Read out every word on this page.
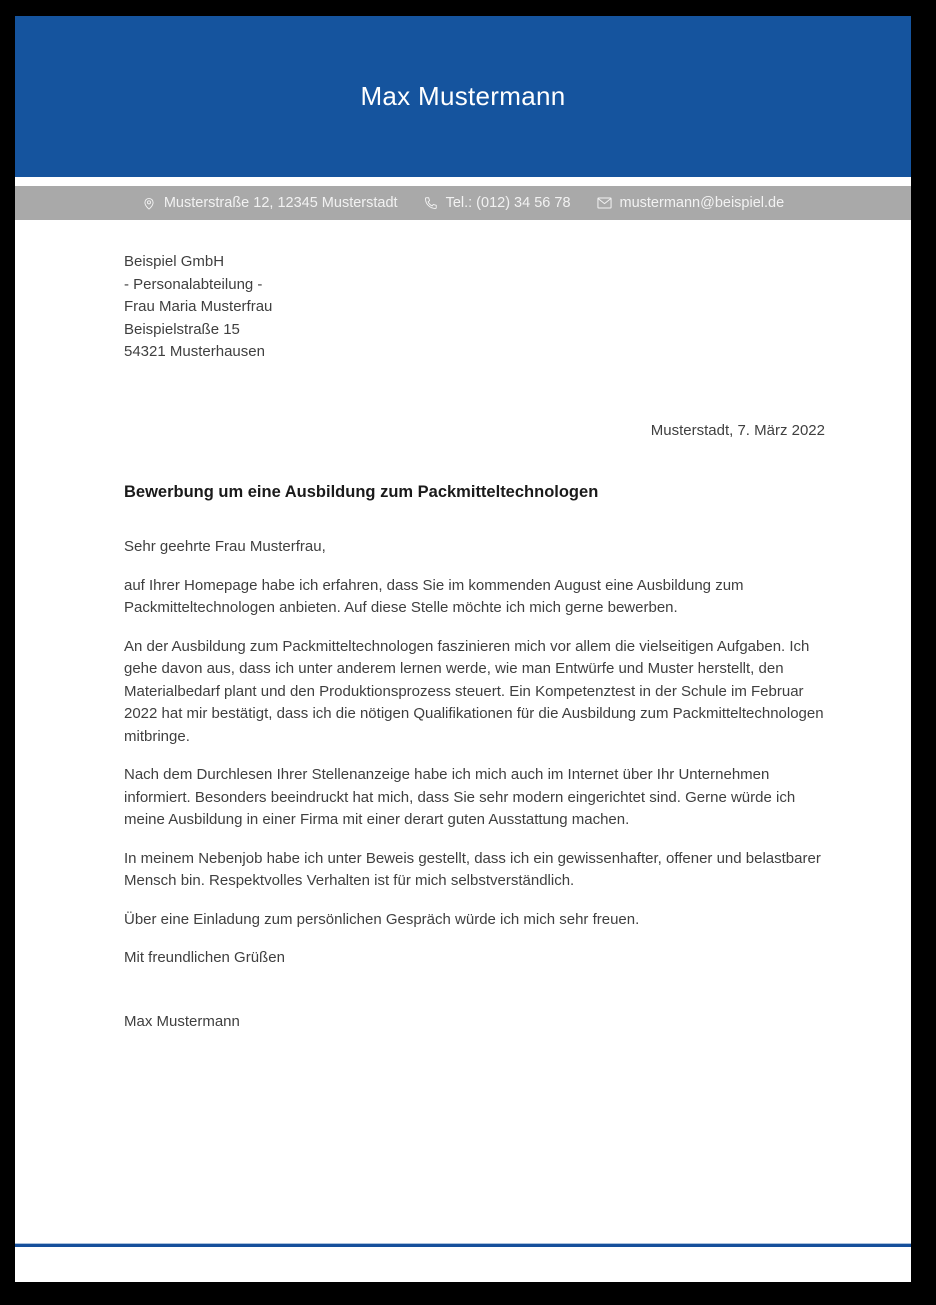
Max Mustermann
Musterstraße 12, 12345 Musterstadt	Tel.: (012) 34 56 78	mustermann@beispiel.de
Beispiel GmbH
- Personalabteilung -
Frau Maria Musterfrau
Beispielstraße 15
54321 Musterhausen
Musterstadt, 7. März 2022
Bewerbung um eine Ausbildung zum Packmitteltechnologen
Sehr geehrte Frau Musterfrau,

auf Ihrer Homepage habe ich erfahren, dass Sie im kommenden August eine Ausbildung zum Packmitteltechnologen anbieten. Auf diese Stelle möchte ich mich gerne bewerben.

An der Ausbildung zum Packmitteltechnologen faszinieren mich vor allem die vielseitigen Aufgaben. Ich gehe davon aus, dass ich unter anderem lernen werde, wie man Entwürfe und Muster herstellt, den Materialbedarf plant und den Produktionsprozess steuert. Ein Kompetenztest in der Schule im Februar 2022 hat mir bestätigt, dass ich die nötigen Qualifikationen für die Ausbildung zum Packmitteltechnologen mitbringe.

Nach dem Durchlesen Ihrer Stellenanzeige habe ich mich auch im Internet über Ihr Unternehmen informiert. Besonders beeindruckt hat mich, dass Sie sehr modern eingerichtet sind. Gerne würde ich meine Ausbildung in einer Firma mit einer derart guten Ausstattung machen.

In meinem Nebenjob habe ich unter Beweis gestellt, dass ich ein gewissenhafter, offener und belastbarer Mensch bin. Respektvolles Verhalten ist für mich selbstverständlich.

Über eine Einladung zum persönlichen Gespräch würde ich mich sehr freuen.

Mit freundlichen Grüßen
Max Mustermann
